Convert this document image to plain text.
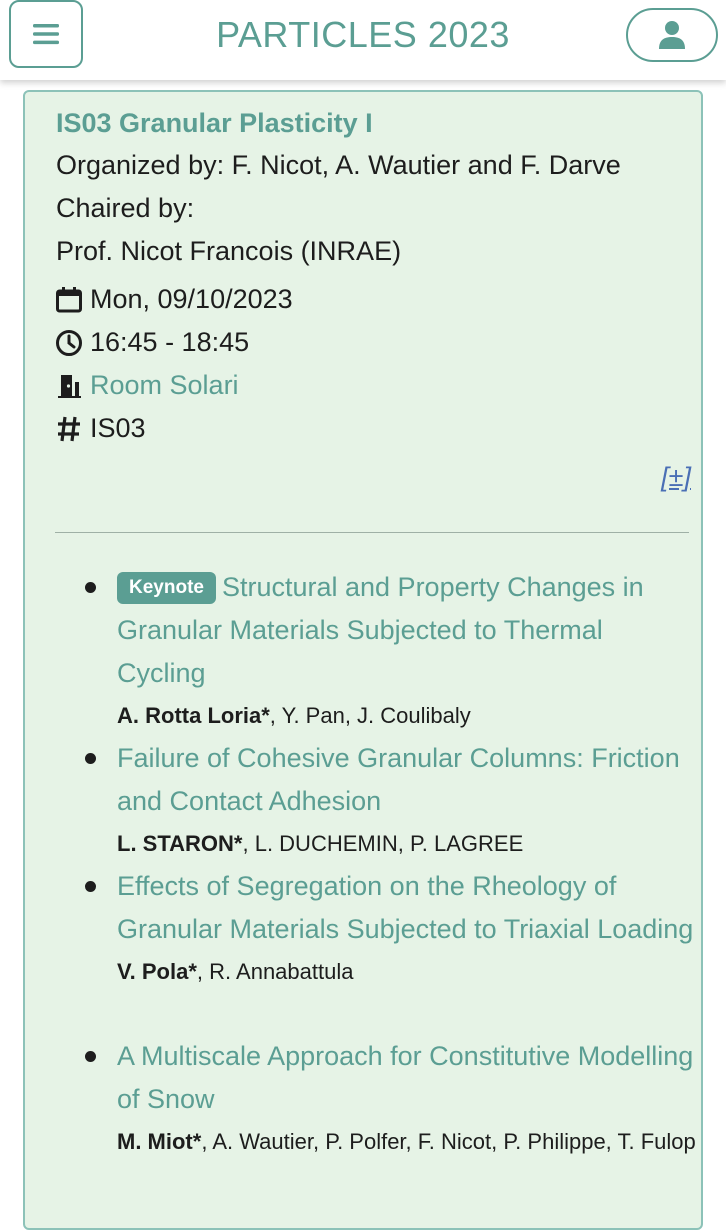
PARTICLES 2023
IS03 Granular Plasticity I
Organized by: F. Nicot, A. Wautier and F. Darve
Chaired by:
Prof. Nicot Francois (INRAE)
Mon, 09/10/2023
16:45 - 18:45
Room Solari
IS03
[±]
Keynote Structural and Property Changes in Granular Materials Subjected to Thermal Cycling
A. Rotta Loria*, Y. Pan, J. Coulibaly
Failure of Cohesive Granular Columns: Friction and Contact Adhesion
L. STARON*, L. DUCHEMIN, P. LAGREE
Effects of Segregation on the Rheology of Granular Materials Subjected to Triaxial Loading
V. Pola*, R. Annabattula
A Multiscale Approach for Constitutive Modelling of Snow
M. Miot*, A. Wautier, P. Polfer, F. Nicot, P. Philippe, T. Fulop
